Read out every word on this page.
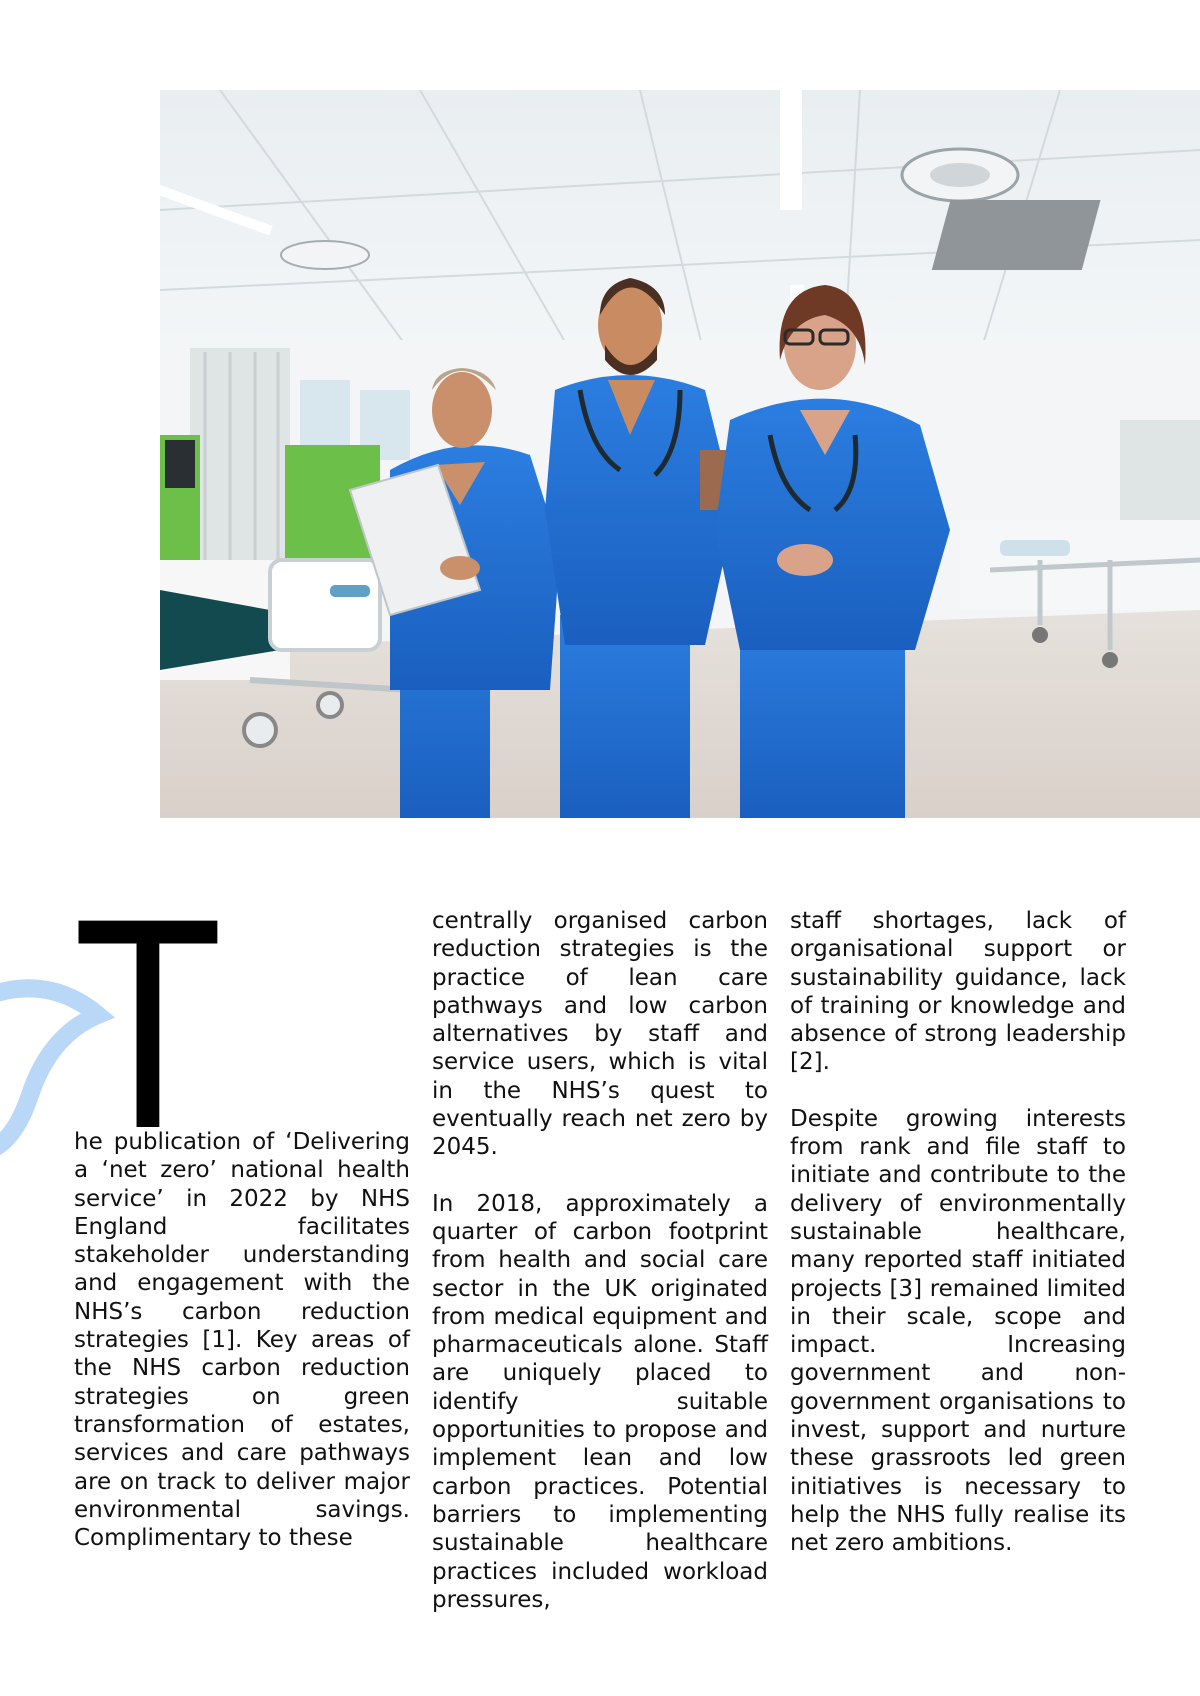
T

he publication of ‘Delivering a ‘net zero’ national health service’ in 2022 by NHS England facilitates stakeholder understanding and engagement with the NHS’s carbon reduction strategies [1]. Key areas of the NHS carbon reduction strategies on green transformation of estates, services and care pathways are on track to deliver major environmental savings. Complimentary to these

centrally organised carbon reduction strategies is the practice of lean care pathways and low carbon alternatives by staff and service users, which is vital in the NHS’s quest to eventually reach net zero by 2045.

In 2018, approximately a quarter of carbon footprint from health and social care sector in the UK originated from medical equipment and pharmaceuticals alone. Staff are uniquely placed to identify suitable opportunities to propose and implement lean and low carbon practices. Potential barriers to implementing sustainable healthcare practices included workload pressures,

staff shortages, lack of organisational support or sustainability guidance, lack of training or knowledge and absence of strong leadership [2].

Despite growing interests from rank and file staff to initiate and contribute to the delivery of environmentally sustainable healthcare, many reported staff initiated projects [3] remained limited in their scale, scope and impact. Increasing government and non-government organisations to invest, support and nurture these grassroots led green initiatives is necessary to help the NHS fully realise its net zero ambitions.
